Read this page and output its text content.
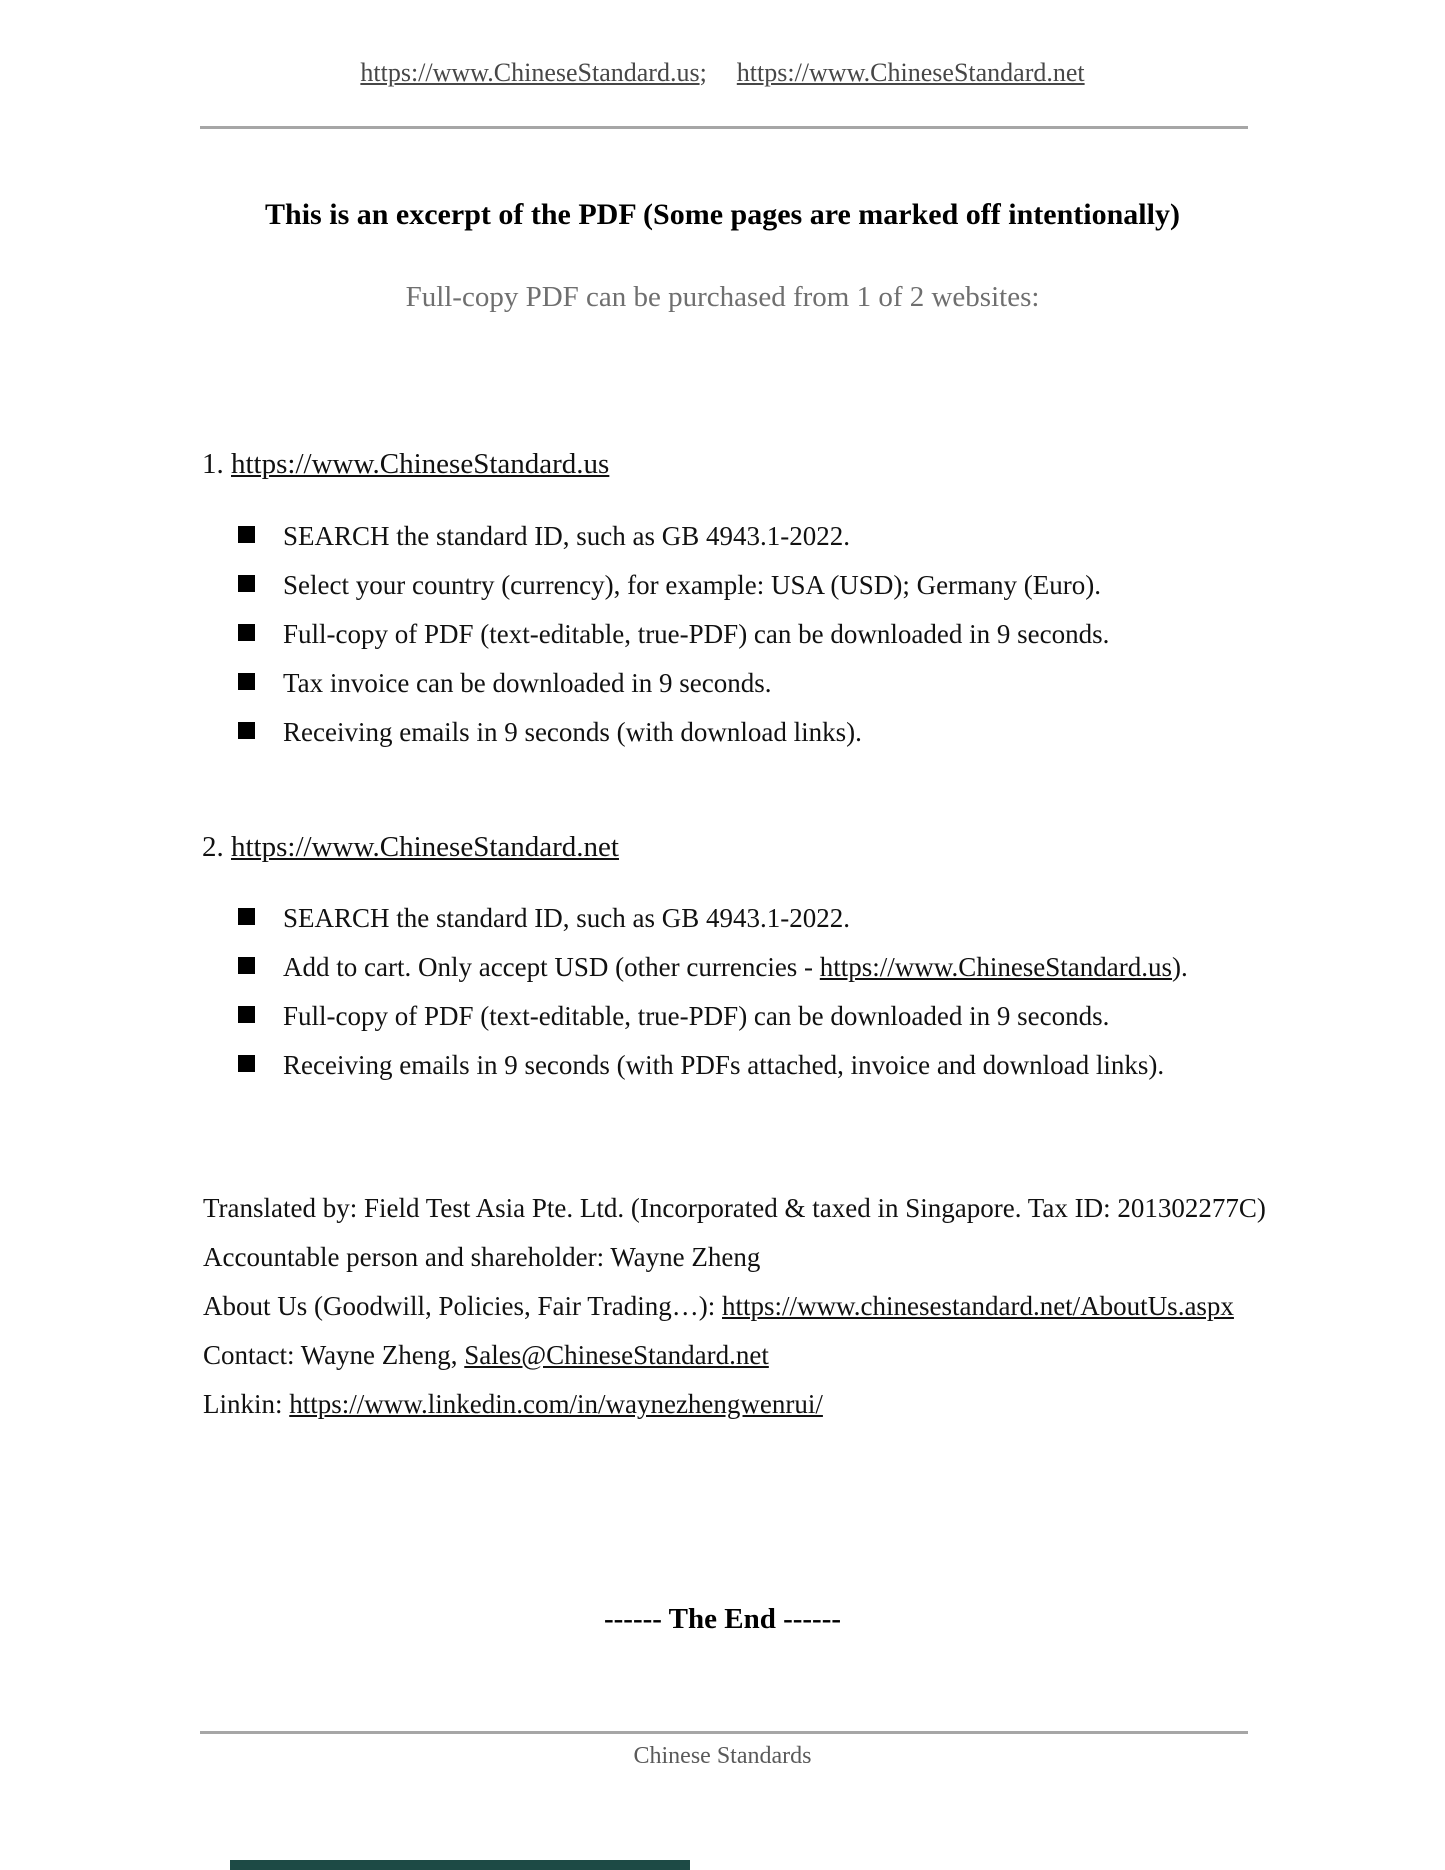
https://www.ChineseStandard.us ; https://www.ChineseStandard.net
This is an excerpt of the PDF (Some pages are marked off intentionally)
Full-copy PDF can be purchased from 1 of 2 websites:
1. https://www.ChineseStandard.us
SEARCH the standard ID, such as GB 4943.1-2022.
Select your country (currency), for example: USA (USD); Germany (Euro).
Full-copy of PDF (text-editable, true-PDF) can be downloaded in 9 seconds.
Tax invoice can be downloaded in 9 seconds.
Receiving emails in 9 seconds (with download links).
2. https://www.ChineseStandard.net
SEARCH the standard ID, such as GB 4943.1-2022.
Add to cart. Only accept USD (other currencies - https://www.ChineseStandard.us).
Full-copy of PDF (text-editable, true-PDF) can be downloaded in 9 seconds.
Receiving emails in 9 seconds (with PDFs attached, invoice and download links).
Translated by: Field Test Asia Pte. Ltd. (Incorporated & taxed in Singapore. Tax ID: 201302277C)
Accountable person and shareholder: Wayne Zheng
About Us (Goodwill, Policies, Fair Trading…): https://www.chinesestandard.net/AboutUs.aspx
Contact: Wayne Zheng, Sales@ChineseStandard.net
Linkin: https://www.linkedin.com/in/waynezhengwenrui/
------ The End ------
Chinese Standards
